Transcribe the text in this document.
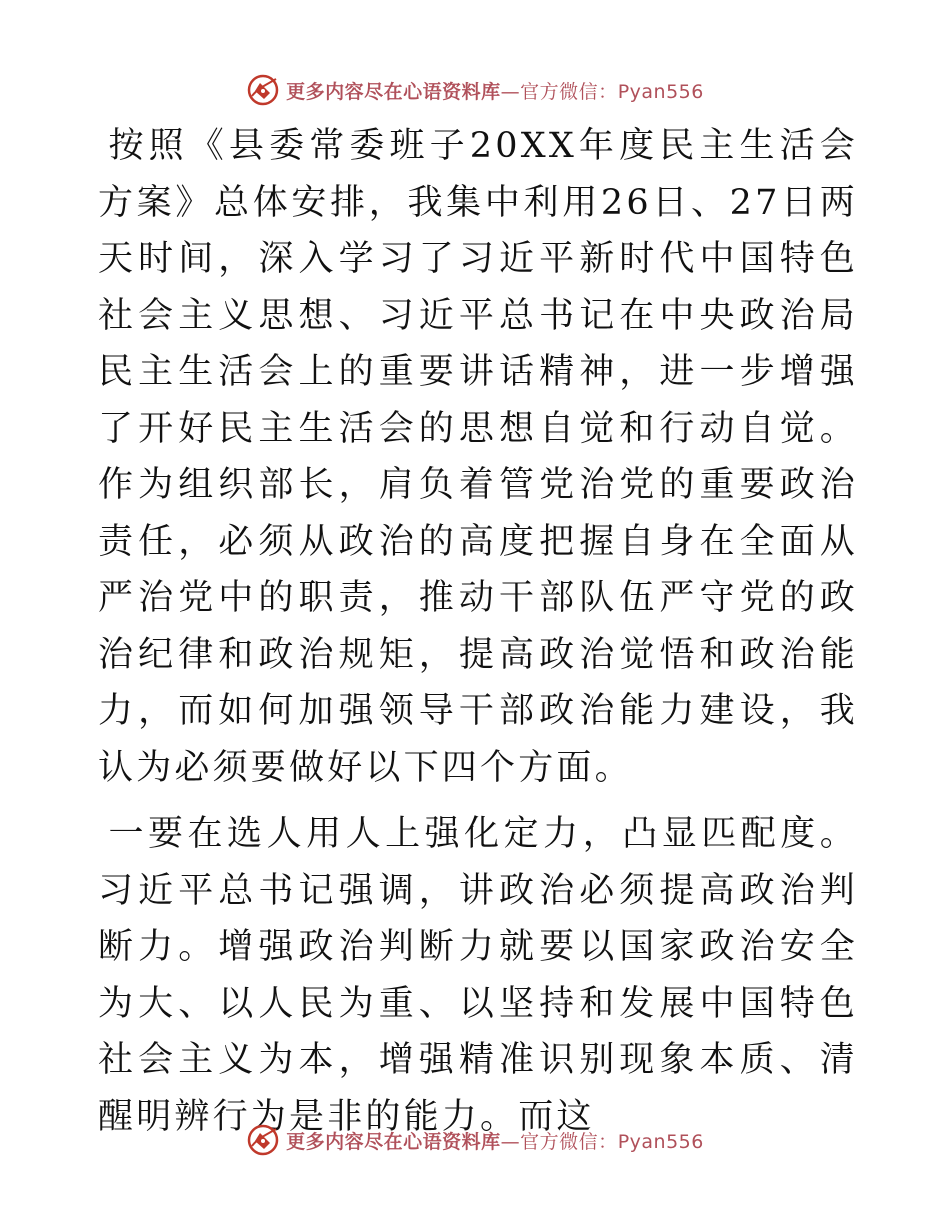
更多内容尽在心语资料库—官方微信：Pyan556

按照《县委常委班子20XX年度民主生活会方案》总体安排，我集中利用26日、27日两天时间，深入学习了习近平新时代中国特色社会主义思想、习近平总书记在中央政治局民主生活会上的重要讲话精神，进一步增强了开好民主生活会的思想自觉和行动自觉。作为组织部长，肩负着管党治党的重要政治责任，必须从政治的高度把握自身在全面从严治党中的职责，推动干部队伍严守党的政治纪律和政治规矩，提高政治觉悟和政治能力，而如何加强领导干部政治能力建设，我认为必须要做好以下四个方面。

一要在选人用人上强化定力，凸显匹配度。习近平总书记强调，讲政治必须提高政治判断力。增强政治判断力就要以国家政治安全为大、以人民为重、以坚持和发展中国特色社会主义为本，增强精准识别现象本质、清醒明辨行为是非的能力。而这

更多内容尽在心语资料库—官方微信：Pyan556
